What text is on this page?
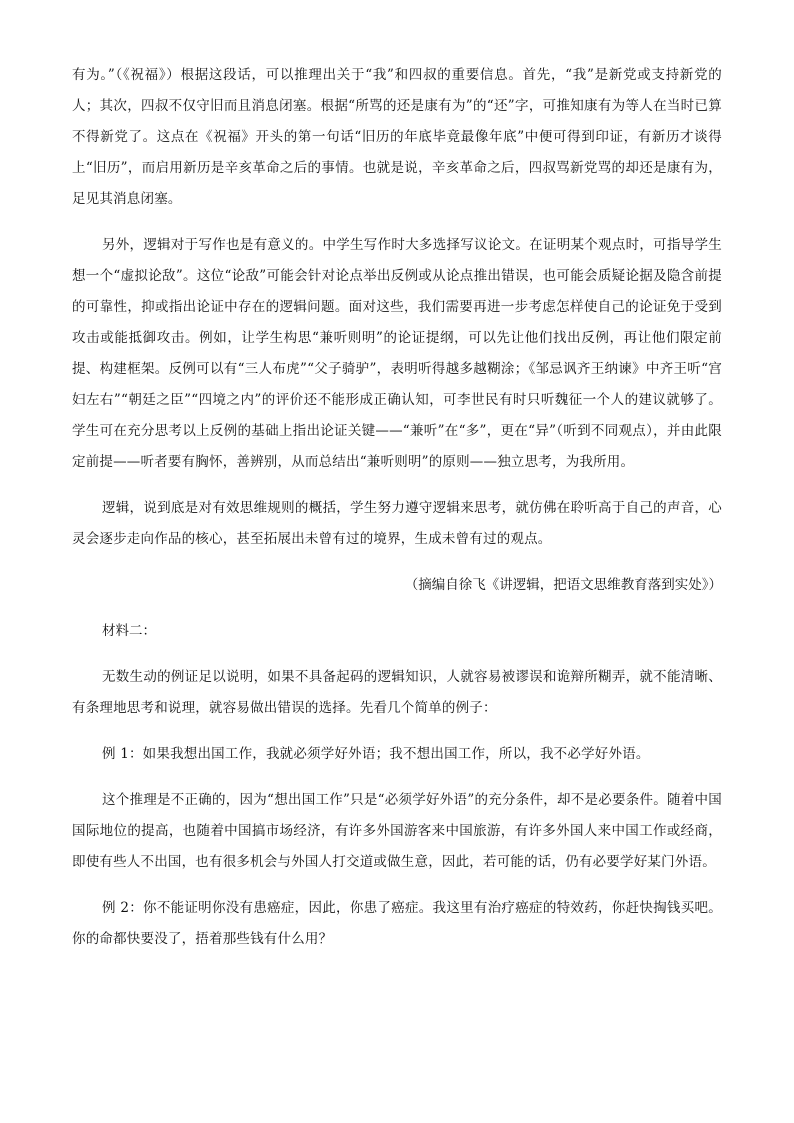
有为。”（《祝福》）根据这段话，可以推理出关于“我”和四叔的重要信息。首先，“我”是新党或支持新党的人；其次，四叔不仅守旧而且消息闭塞。根据“所骂的还是康有为”的“还”字，可推知康有为等人在当时已算不得新党了。这点在《祝福》开头的第一句话“旧历的年底毕竟最像年底”中便可得到印证，有新历才谈得上“旧历”，而启用新历是辛亥革命之后的事情。也就是说，辛亥革命之后，四叔骂新党骂的却还是康有为，足见其消息闭塞。

另外，逻辑对于写作也是有意义的。中学生写作时大多选择写议论文。在证明某个观点时，可指导学生想一个“虚拟论敌”。这位“论敌”可能会针对论点举出反例或从论点推出错误，也可能会质疑论据及隐含前提的可靠性，抑或指出论证中存在的逻辑问题。面对这些，我们需要再进一步考虑怎样使自己的论证免于受到攻击或能抵御攻击。例如，让学生构思“兼听则明”的论证提纲，可以先让他们找出反例，再让他们限定前提、构建框架。反例可以有“三人布虎”“父子骑驴”，表明听得越多越糊涂；《邹忌讽齐王纳谏》中齐王听“宫妇左右”“朝廷之臣”“四境之内”的评价还不能形成正确认知，可李世民有时只听魏征一个人的建议就够了。学生可在充分思考以上反例的基础上指出论证关键——“兼听”在“多”，更在“异”（听到不同观点），并由此限定前提——听者要有胸怀，善辨别，从而总结出“兼听则明”的原则——独立思考，为我所用。

逻辑，说到底是对有效思维规则的概括，学生努力遵守逻辑来思考，就仿佛在聆听高于自己的声音，心灵会逐步走向作品的核心，甚至拓展出未曾有过的境界，生成未曾有过的观点。

（摘编自徐飞《讲逻辑，把语文思维教育落到实处》）

材料二：

无数生动的例证足以说明，如果不具备起码的逻辑知识，人就容易被谬误和诡辩所糊弄，就不能清晰、有条理地思考和说理，就容易做出错误的选择。先看几个简单的例子：

例 1：如果我想出国工作，我就必须学好外语；我不想出国工作，所以，我不必学好外语。

这个推理是不正确的，因为“想出国工作”只是“必须学好外语”的充分条件，却不是必要条件。随着中国国际地位的提高，也随着中国搞市场经济，有许多外国游客来中国旅游，有许多外国人来中国工作或经商，即使有些人不出国，也有很多机会与外国人打交道或做生意，因此，若可能的话，仍有必要学好某门外语。

例 2：你不能证明你没有患癌症，因此，你患了癌症。我这里有治疗癌症的特效药，你赶快掏钱买吧。你的命都快要没了，捂着那些钱有什么用？
